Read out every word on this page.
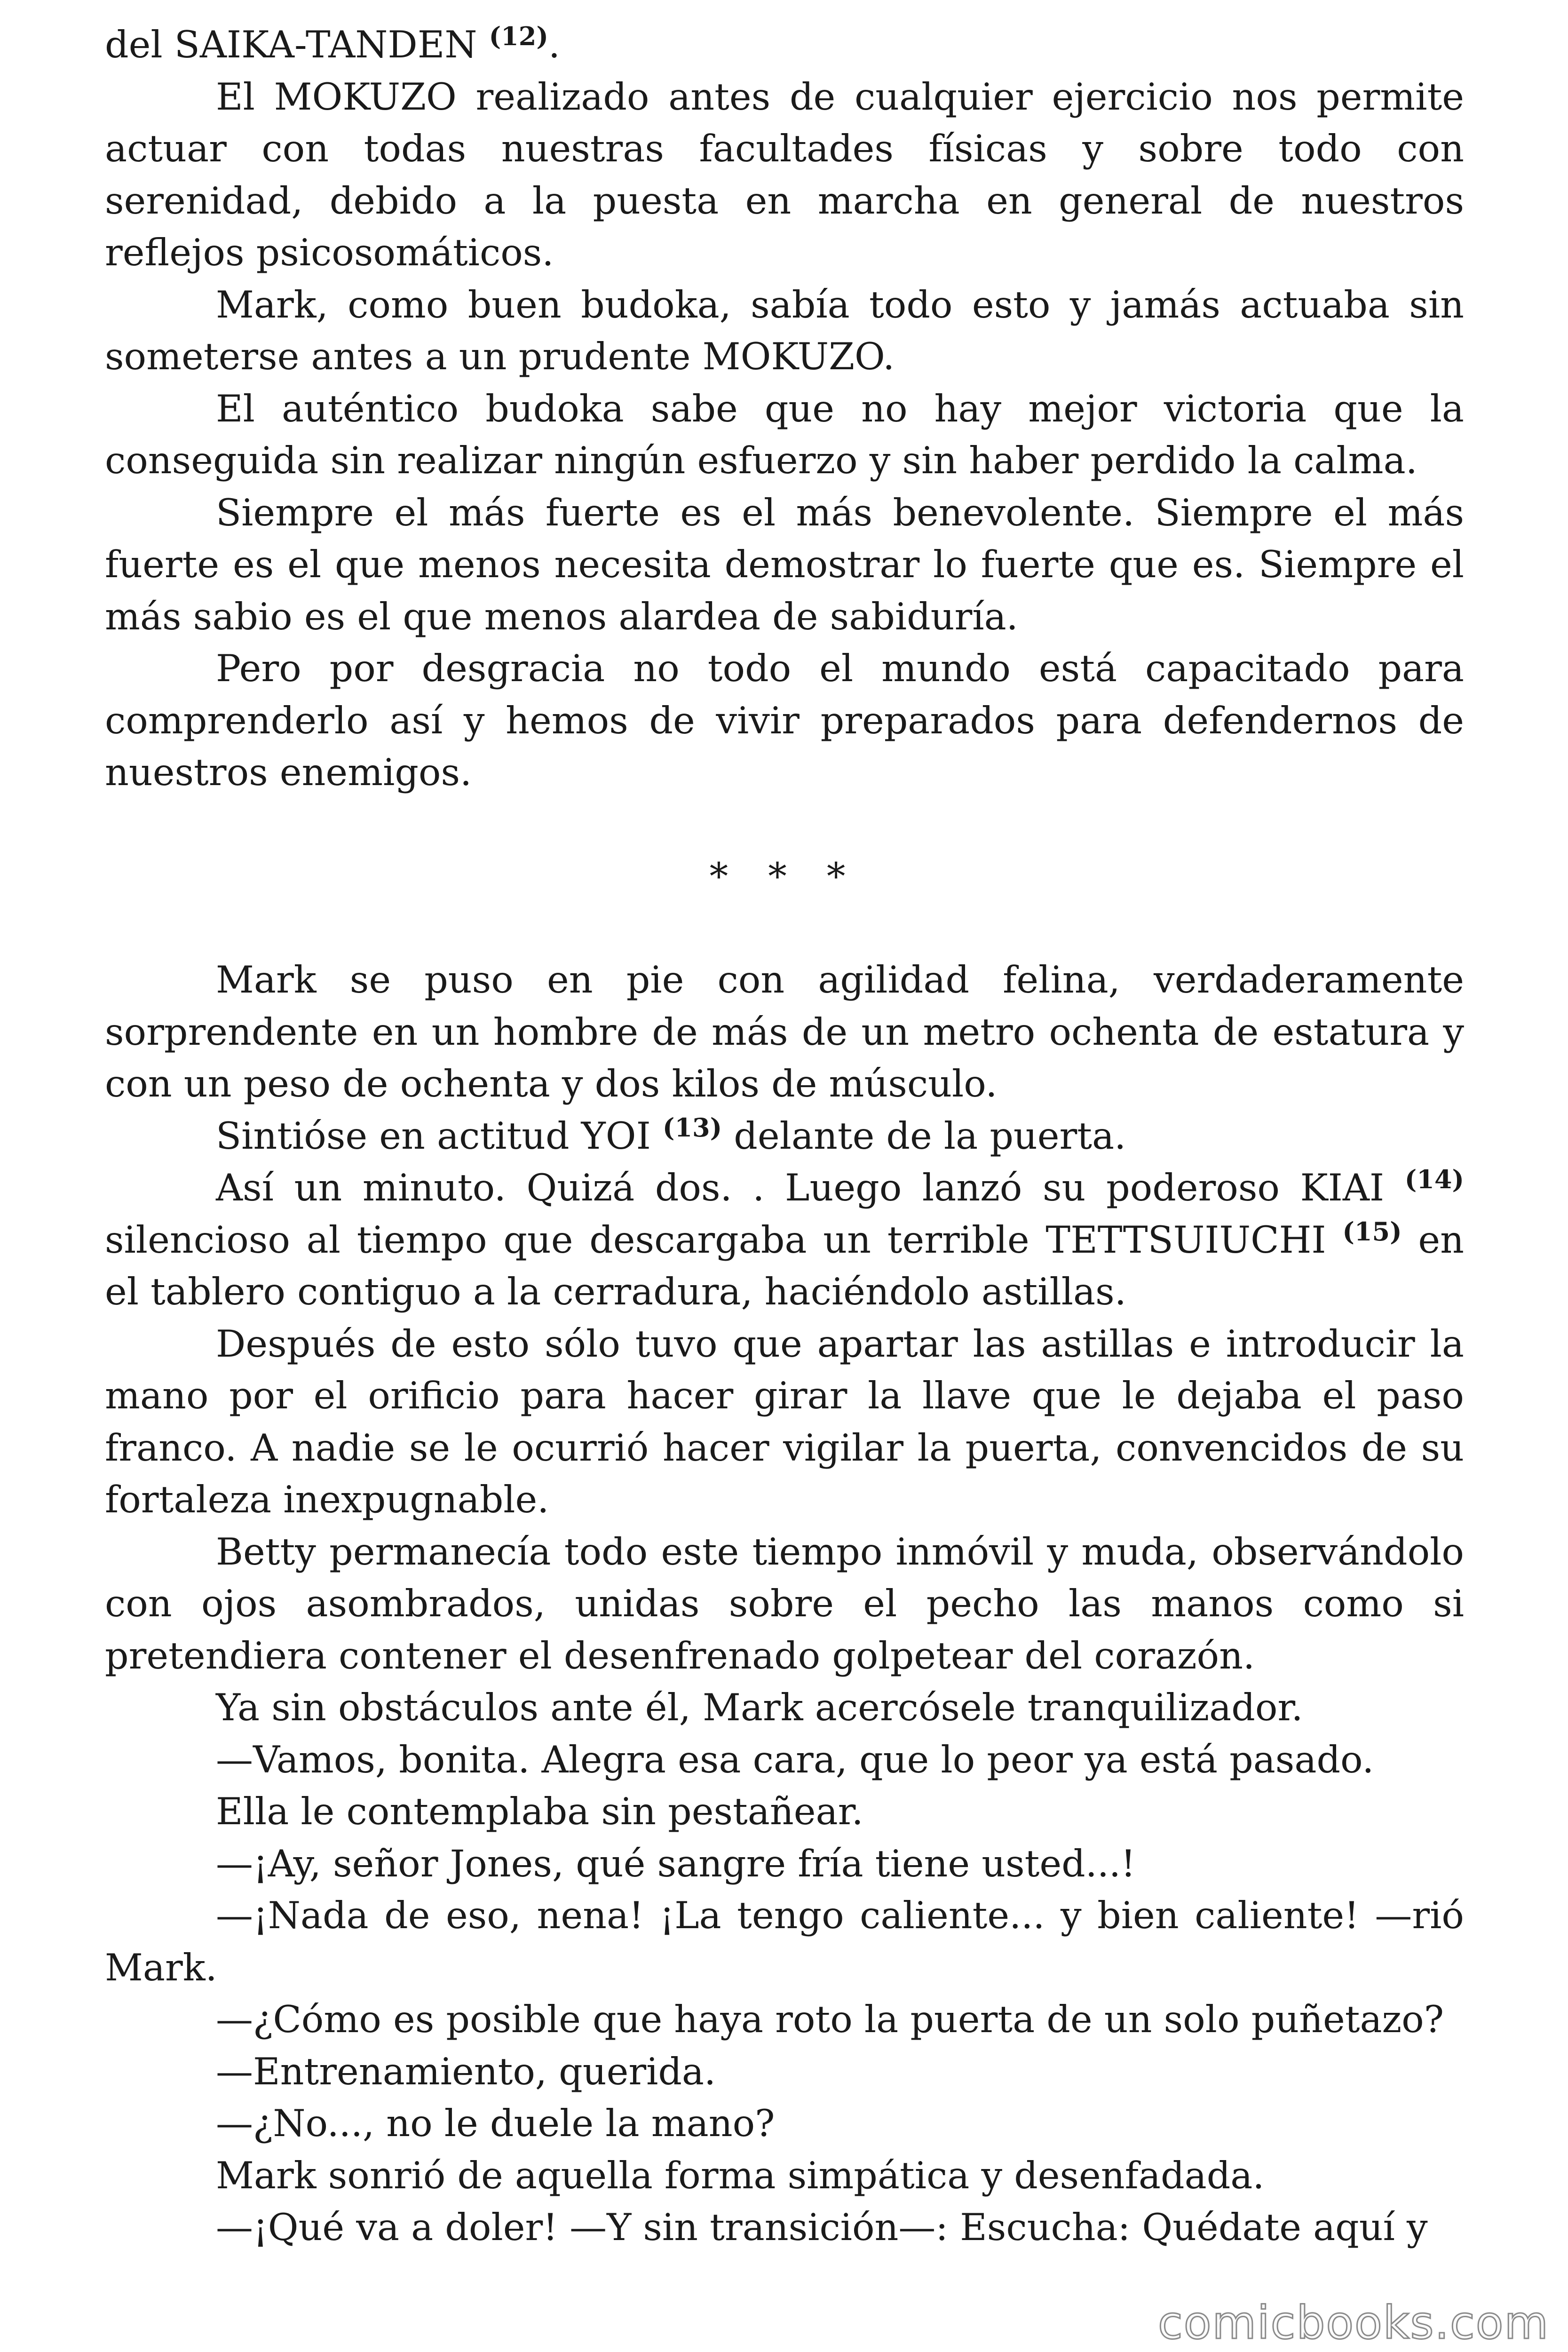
del SAIKA-TANDEN $^{(12)}$.

El MOKUZO realizado antes de cualquier ejercicio nos permite actuar con todas nuestras facultades físicas y sobre todo con serenidad, debido a la puesta en marcha en general de nuestros reflejos psicosomáticos.

Mark, como buen budoka, sabía todo esto y jamás actuaba sin someterse antes a un prudente MOKUZO.

El auténtico budoka sabe que no hay mejor victoria que la conseguida sin realizar ningún esfuerzo y sin haber perdido la calma.

Siempre el más fuerte es el más benevolente. Siempre el más fuerte es el que menos necesita demostrar lo fuerte que es. Siempre el más sabio es el que menos alardea de sabiduría.

Pero por desgracia no todo el mundo está capacitado para comprenderlo así y hemos de vivir preparados para defendernos de nuestros enemigos.

* * *

Mark se puso en pie con agilidad felina, verdaderamente sorprendente en un hombre de más de un metro ochenta de estatura y con un peso de ochenta y dos kilos de músculo.

Sintióse en actitud YOI $^{(13)}$ delante de la puerta.

Así un minuto. Quizá dos. . Luego lanzó su poderoso KIAI $^{(14)}$ silencioso al tiempo que descargaba un terrible TETTSUIUCHI $^{(15)}$ en el tablero contiguo a la cerradura, haciéndolo astillas.

Después de esto sólo tuvo que apartar las astillas e introducir la mano por el orificio para hacer girar la llave que le dejaba el paso franco. A nadie se le ocurrió hacer vigilar la puerta, convencidos de su fortaleza inexpugnable.

Betty permanecía todo este tiempo inmóvil y muda, observándolo con ojos asombrados, unidas sobre el pecho las manos como si pretendiera contener el desenfrenado golpetear del corazón.

Ya sin obstáculos ante él, Mark acercósele tranquilizador.

—Vamos, bonita. Alegra esa cara, que lo peor ya está pasado.

Ella le contemplaba sin pestañear.

—¡Ay, señor Jones, qué sangre fría tiene usted...!

—¡Nada de eso, nena! ¡La tengo caliente... y bien caliente! —rió Mark.

—¿Cómo es posible que haya roto la puerta de un solo puñetazo?

—Entrenamiento, querida.

—¿No..., no le duele la mano?

Mark sonrió de aquella forma simpática y desenfadada.

—¡Qué va a doler! —Y sin transición—: Escucha: Quédate aquí y

comicbooks.com
